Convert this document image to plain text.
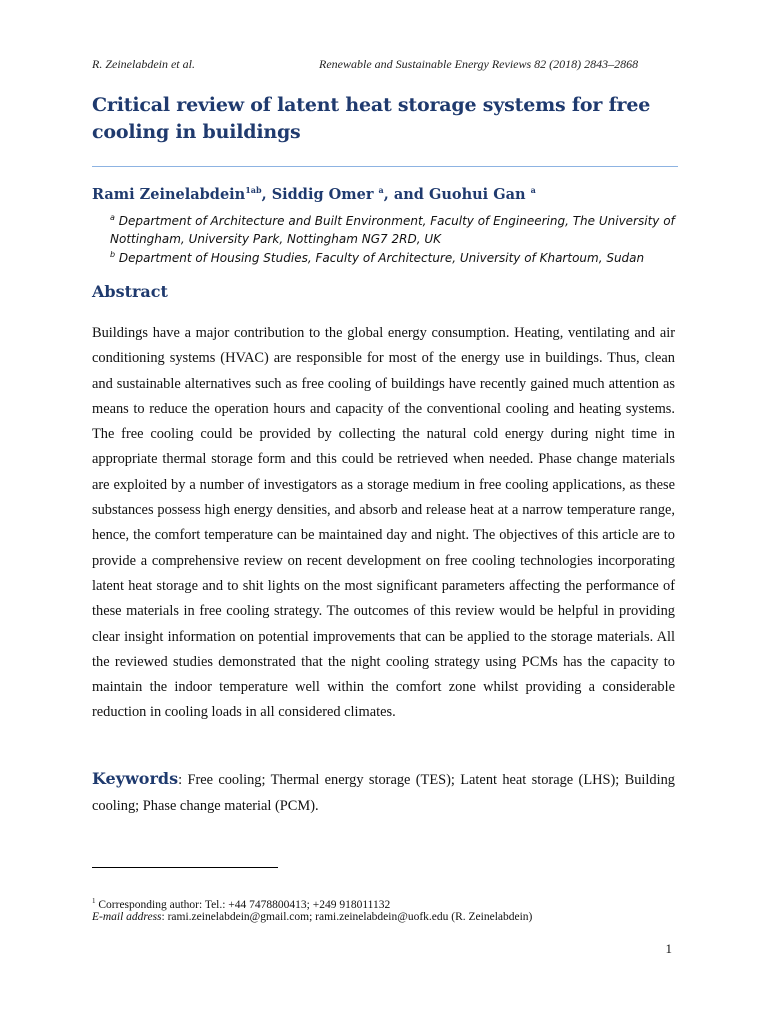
R. Zeinelabdein et al.	Renewable and Sustainable Energy Reviews 82 (2018) 2843–2868
Critical review of latent heat storage systems for free cooling in buildings
Rami Zeinelabdein$^{1ab}$, Siddig Omer $^a$, and Guohui Gan $^a$
$^a$ Department of Architecture and Built Environment, Faculty of Engineering, The University of Nottingham, University Park, Nottingham NG7 2RD, UK
$^b$ Department of Housing Studies, Faculty of Architecture, University of Khartoum, Sudan
Abstract

Buildings have a major contribution to the global energy consumption. Heating, ventilating and air conditioning systems (HVAC) are responsible for most of the energy use in buildings. Thus, clean and sustainable alternatives such as free cooling of buildings have recently gained much attention as means to reduce the operation hours and capacity of the conventional cooling and heating systems. The free cooling could be provided by collecting the natural cold energy during night time in appropriate thermal storage form and this could be retrieved when needed. Phase change materials are exploited by a number of investigators as a storage medium in free cooling applications, as these substances possess high energy densities, and absorb and release heat at a narrow temperature range, hence, the comfort temperature can be maintained day and night. The objectives of this article are to provide a comprehensive review on recent development on free cooling technologies incorporating latent heat storage and to shit lights on the most significant parameters affecting the performance of these materials in free cooling strategy. The outcomes of this review would be helpful in providing clear insight information on potential improvements that can be applied to the storage materials. All the reviewed studies demonstrated that the night cooling strategy using PCMs has the capacity to maintain the indoor temperature well within the comfort zone whilst providing a considerable reduction in cooling loads in all considered climates.

Keywords: Free cooling; Thermal energy storage (TES); Latent heat storage (LHS); Building cooling; Phase change material (PCM).

$^1$ Corresponding author: Tel.: +44 7478800413; +249 918011132
E-mail address: rami.zeinelabdein@gmail.com; rami.zeinelabdein@uofk.edu (R. Zeinelabdein)
1
